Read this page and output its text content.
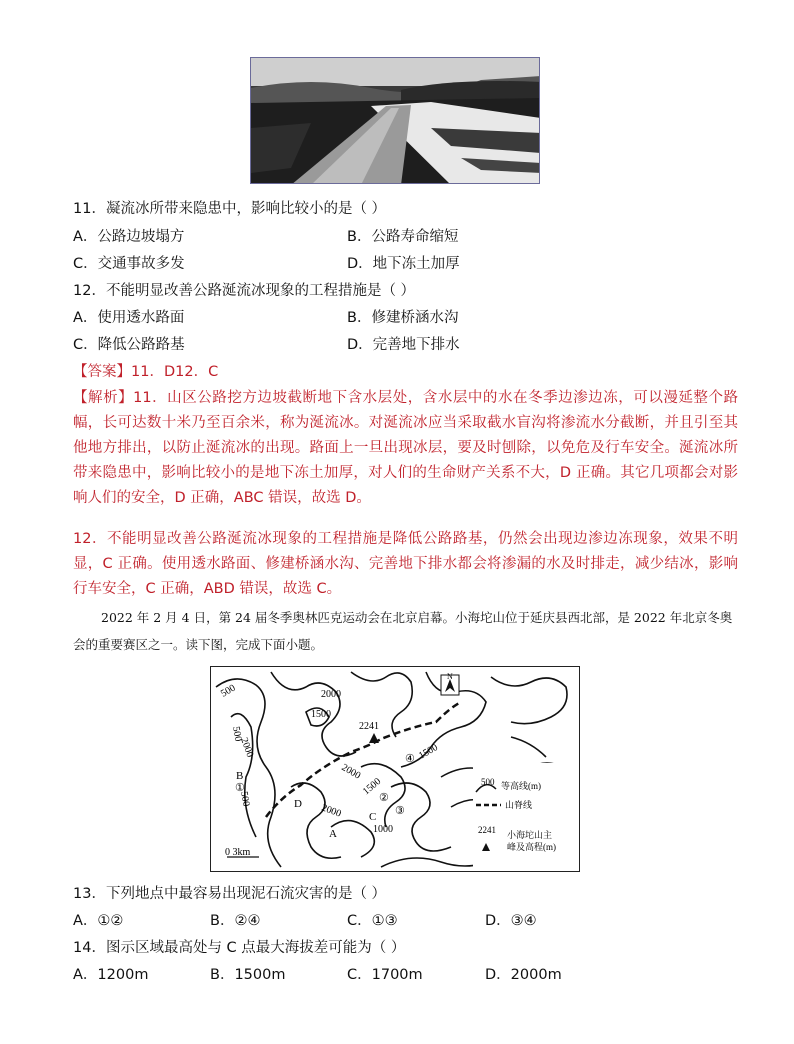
11．凝流冰所带来隐患中，影响比较小的是（ ）
A．公路边坡塌方	B．公路寿命缩短
C．交通事故多发	D．地下冻土加厚
12．不能明显改善公路涎流冰现象的工程措施是（ ）
A．使用透水路面	B．修建桥涵水沟
C．降低公路路基	D．完善地下排水
【答案】11．D12．C
【解析】11．山区公路挖方边坡截断地下含水层处，含水层中的水在冬季边渗边冻，可以漫延整个路幅，长可达数十米乃至百余米，称为涎流冰。对涎流冰应当采取截水盲沟将渗流水分截断，并且引至其他地方排出，以防止涎流冰的出现。路面上一旦出现冰层，要及时刨除，以免危及行车安全。涎流冰所带来隐患中，影响比较小的是地下冻土加厚，对人们的生命财产关系不大，D 正确。其它几项都会对影响人们的安全，D 正确，ABC 错误，故选 D。
12．不能明显改善公路涎流冰现象的工程措施是降低公路路基，仍然会出现边渗边冻现象，效果不明显，C 正确。使用透水路面、修建桥涵水沟、完善地下排水都会将渗漏的水及时排走，减少结冰，影响行车安全，C 正确，ABD 错误，故选 C。
2022 年 2 月 4 日，第 24 届冬季奥林匹克运动会在北京启幕。小海坨山位于延庆县西北部，是 2022 年北京冬奥会的重要赛区之一。读下图，完成下面小题。
2241
N
500
500
2000
1500
2000
2000
2000
1500
1500
1000
500
B
①
D
A
C
②
③
④
0 3km
500 等高线(m)
山脊线
2241 小海坨山主
峰及高程(m)
13．下列地点中最容易出现泥石流灾害的是（ ）
A．①②	B．②④	C．①③	D．③④
14．图示区域最高处与 C 点最大海拔差可能为（ ）
A．1200m	B．1500m	C．1700m	D．2000m
